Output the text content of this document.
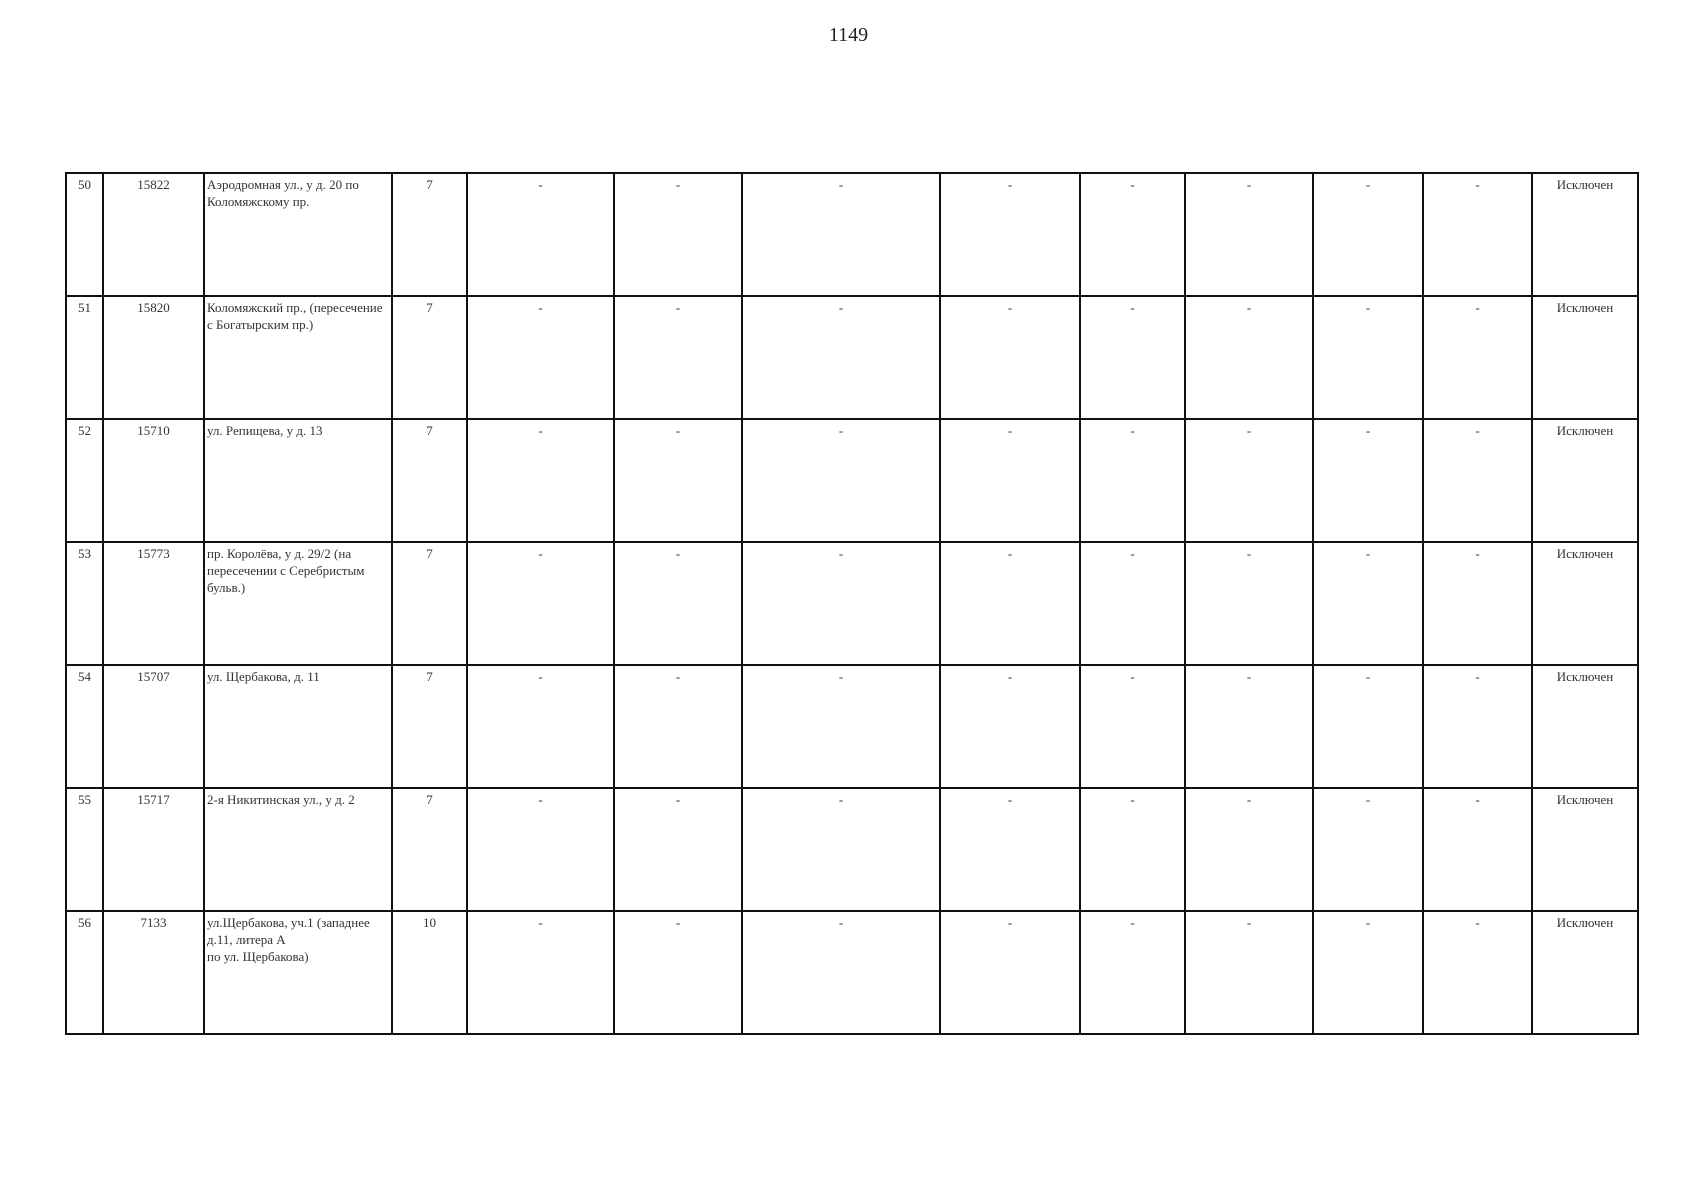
1149
50	15822	Аэродромная ул., у д. 20 по Коломяжскому пр.	7	-	-	-	-	-	-	-	-	Исключен
51	15820	Коломяжский пр., (пересечение с Богатырским пр.)	7	-	-	-	-	-	-	-	-	Исключен
52	15710	ул. Репищева, у д. 13	7	-	-	-	-	-	-	-	-	Исключен
53	15773	пр. Королёва, у д. 29/2 (на пересечении с Серебристым бульв.)	7	-	-	-	-	-	-	-	-	Исключен
54	15707	ул. Щербакова, д. 11	7	-	-	-	-	-	-	-	-	Исключен
55	15717	2-я Никитинская ул., у д. 2	7	-	-	-	-	-	-	-	-	Исключен
56	7133	ул.Щербакова, уч.1 (западнее д.11, литера А
по ул. Щербакова)	10	-	-	-	-	-	-	-	-	Исключен
